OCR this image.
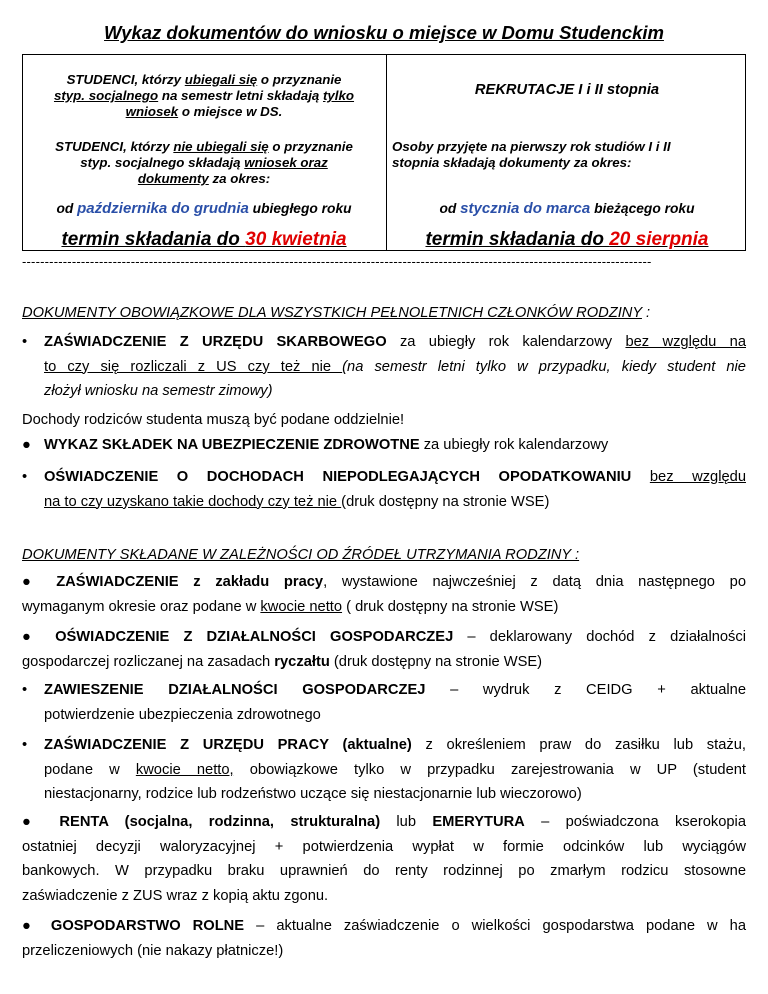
Wykaz dokumentów do wniosku o miejsce w Domu Studenckim
STUDENCI, którzy ubiegali się o przyznanie
styp. socjalnego na semestr letni składają tylko
wniosek o miejsce w DS.
STUDENCI, którzy nie ubiegali się o przyznanie
styp. socjalnego składają wniosek oraz
dokumenty za okres:
od października do grudnia ubiegłego roku
termin składania do 30 kwietnia
REKRUTACJE I i II stopnia
Osoby przyjęte na pierwszy rok studiów I i II
stopnia składają dokumenty za okres:
od stycznia do marca bieżącego roku
termin składania do 20 sierpnia
-------------------------------------------------------------------------------------------------------------------------------------------
DOKUMENTY OBOWIĄZKOWE DLA WSZYSTKICH PEŁNOLETNICH CZŁONKÓW RODZINY :
• ZAŚWIADCZENIE Z URZĘDU SKARBOWEGO za ubiegły rok kalendarzowy bez względu na
to czy się rozliczali z US czy też nie (na semestr letni tylko w przypadku, kiedy student nie
złożył wniosku na semestr zimowy)
Dochody rodziców studenta muszą być podane oddzielnie!
● WYKAZ SKŁADEK NA UBEZPIECZENIE ZDROWOTNE za ubiegły rok kalendarzowy
• OŚWIADCZENIE O DOCHODACH NIEPODLEGAJĄCYCH OPODATKOWANIU bez względu
na to czy uzyskano takie dochody czy też nie (druk dostępny na stronie WSE)
DOKUMENTY SKŁADANE W ZALEŻNOŚCI OD ŹRÓDEŁ UTRZYMANIA RODZINY :
● ZAŚWIADCZENIE z zakładu pracy, wystawione najwcześniej z datą dnia następnego po
wymaganym okresie oraz podane w kwocie netto ( druk dostępny na stronie WSE)
● OŚWIADCZENIE Z DZIAŁALNOŚCI GOSPODARCZEJ – deklarowany dochód z działalności
gospodarczej rozliczanej na zasadach ryczałtu (druk dostępny na stronie WSE)
• ZAWIESZENIE DZIAŁALNOŚCI GOSPODARCZEJ – wydruk z CEIDG + aktualne
potwierdzenie ubezpieczenia zdrowotnego
• ZAŚWIADCZENIE Z URZĘDU PRACY (aktualne) z określeniem praw do zasiłku lub stażu,
podane w kwocie netto, obowiązkowe tylko w przypadku zarejestrowania w UP (student
niestacjonarny, rodzice lub rodzeństwo uczące się niestacjonarnie lub wieczorowo)
● RENTA (socjalna, rodzinna, strukturalna) lub EMERYTURA – poświadczona kserokopia
ostatniej decyzji waloryzacyjnej + potwierdzenia wypłat w formie odcinków lub wyciągów
bankowych. W przypadku braku uprawnień do renty rodzinnej po zmarłym rodzicu stosowne
zaświadczenie z ZUS wraz z kopią aktu zgonu.
● GOSPODARSTWO ROLNE – aktualne zaświadczenie o wielkości gospodarstwa podane w ha
przeliczeniowych (nie nakazy płatnicze!)
